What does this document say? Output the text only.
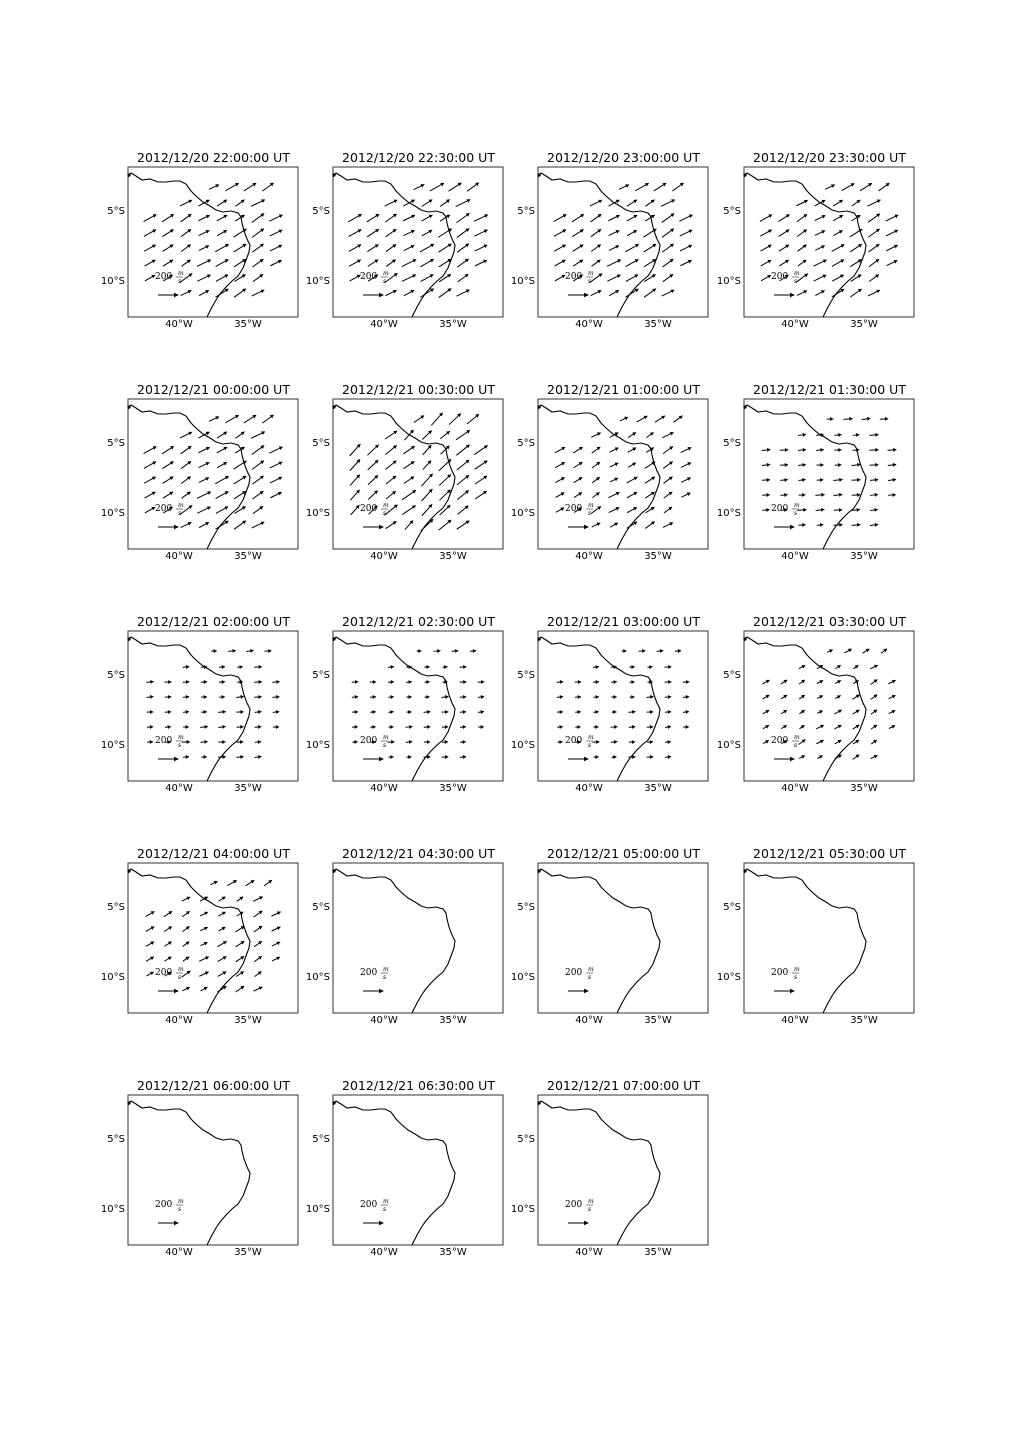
2012/12/20 22:00:00 UT
200 m
s
40°W	35°W
5°S
10°S
2012/12/20 22:30:00 UT
200 m
s
40°W	35°W
5°S
10°S
2012/12/20 23:00:00 UT
200 m
s
40°W	35°W
5°S
10°S
2012/12/20 23:30:00 UT
200 m
s
40°W	35°W
5°S
10°S
2012/12/21 00:00:00 UT
200 m
s
40°W	35°W
5°S
10°S
2012/12/21 00:30:00 UT
200 m
s
40°W	35°W
5°S
10°S
2012/12/21 01:00:00 UT
200 m
s
40°W	35°W
5°S
10°S
2012/12/21 01:30:00 UT
200 m
s
40°W	35°W
5°S
10°S
2012/12/21 02:00:00 UT
200 m
s
40°W	35°W
5°S
10°S
2012/12/21 02:30:00 UT
200 m
s
40°W	35°W
5°S
10°S
2012/12/21 03:00:00 UT
200 m
s
40°W	35°W
5°S
10°S
2012/12/21 03:30:00 UT
200 m
s
40°W	35°W
5°S
10°S
2012/12/21 04:00:00 UT
200 m
s
40°W	35°W
5°S
10°S
2012/12/21 04:30:00 UT
200 m
s
40°W	35°W
5°S
10°S
2012/12/21 05:00:00 UT
200 m
s
40°W	35°W
5°S
10°S
2012/12/21 05:30:00 UT
200 m
s
40°W	35°W
5°S
10°S
2012/12/21 06:00:00 UT
200 m
s
40°W	35°W
5°S
10°S
2012/12/21 06:30:00 UT
200 m
s
40°W	35°W
5°S
10°S
2012/12/21 07:00:00 UT
200 m
s
40°W	35°W
5°S
10°S
